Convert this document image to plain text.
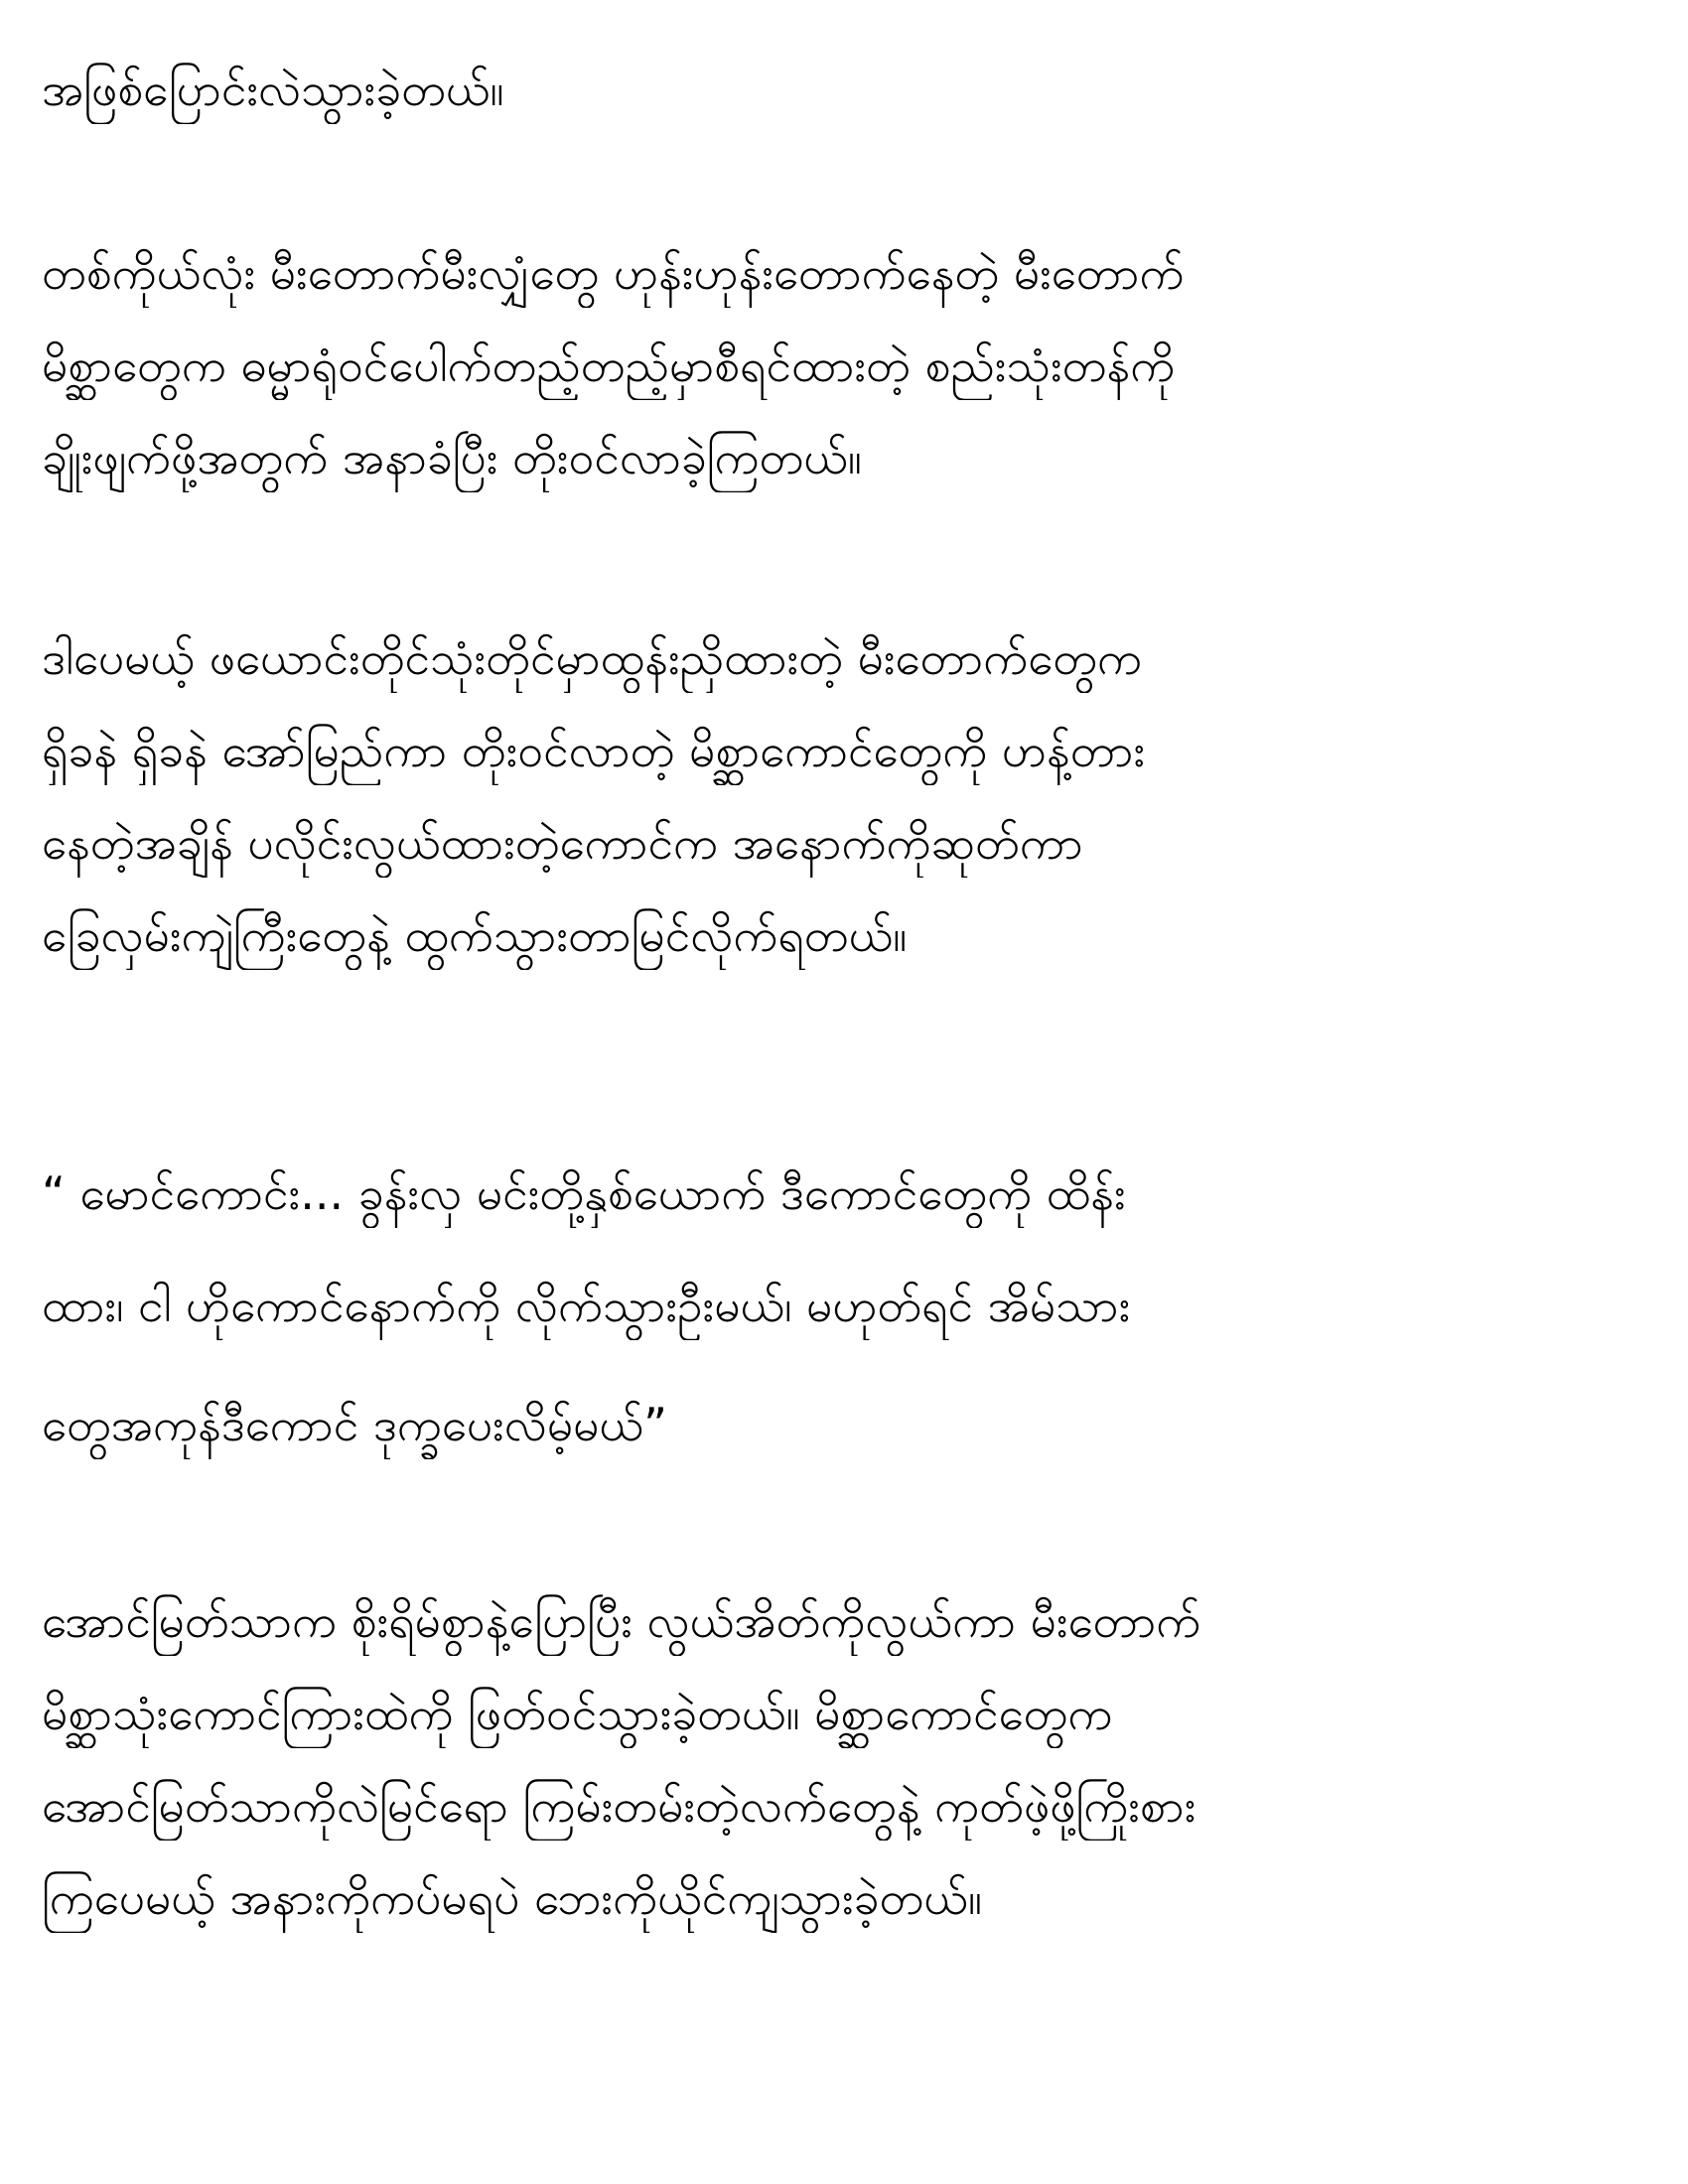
အဖြစ်ပြောင်းလဲသွားခဲ့တယ်။

တစ်ကိုယ်လုံး မီးတောက်မီးလျှံတွေ ဟုန်းဟုန်းတောက်နေတဲ့ မီးတောက်

မိစ္ဆာတွေက ဓမ္မာရုံဝင်ပေါက်တည့်တည့်မှာစီရင်ထားတဲ့ စည်းသုံးတန်ကို

ချိုးဖျက်ဖို့အတွက် အနာခံပြီး တိုးဝင်လာခဲ့ကြတယ်။

ဒါပေမယ့် ဖယောင်းတိုင်သုံးတိုင်မှာထွန်းညှိထားတဲ့ မီးတောက်တွေက

ရှိခနဲ ရှိခနဲ အော်မြည်ကာ တိုးဝင်လာတဲ့ မိစ္ဆာကောင်တွေကို ဟန့်တား

နေတဲ့အချိန် ပလိုင်းလွယ်ထားတဲ့ကောင်က အနောက်ကိုဆုတ်ကာ

ခြေလှမ်းကျဲကြီးတွေနဲ့ ထွက်သွားတာမြင်လိုက်ရတယ်။

“ မောင်ကောင်း... ခွန်းလှ မင်းတို့နှစ်ယောက် ဒီကောင်တွေကို ထိန်း

ထား၊ ငါ ဟိုကောင်နောက်ကို လိုက်သွားဦးမယ်၊ မဟုတ်ရင် အိမ်သား

တွေအကုန်ဒီကောင် ဒုက္ခပေးလိမ့်မယ်”

အောင်မြတ်သာက စိုးရိမ်စွာနဲ့ပြောပြီး လွယ်အိတ်ကိုလွယ်ကာ မီးတောက်

မိစ္ဆာသုံးကောင်ကြားထဲကို ဖြတ်ဝင်သွားခဲ့တယ်။ မိစ္ဆာကောင်တွေက

အောင်မြတ်သာကိုလဲမြင်ရော ကြမ်းတမ်းတဲ့လက်တွေနဲ့ ကုတ်ဖဲ့ဖို့ကြိုးစား

ကြပေမယ့် အနားကိုကပ်မရပဲ ဘေးကိုယိုင်ကျသွားခဲ့တယ်။
